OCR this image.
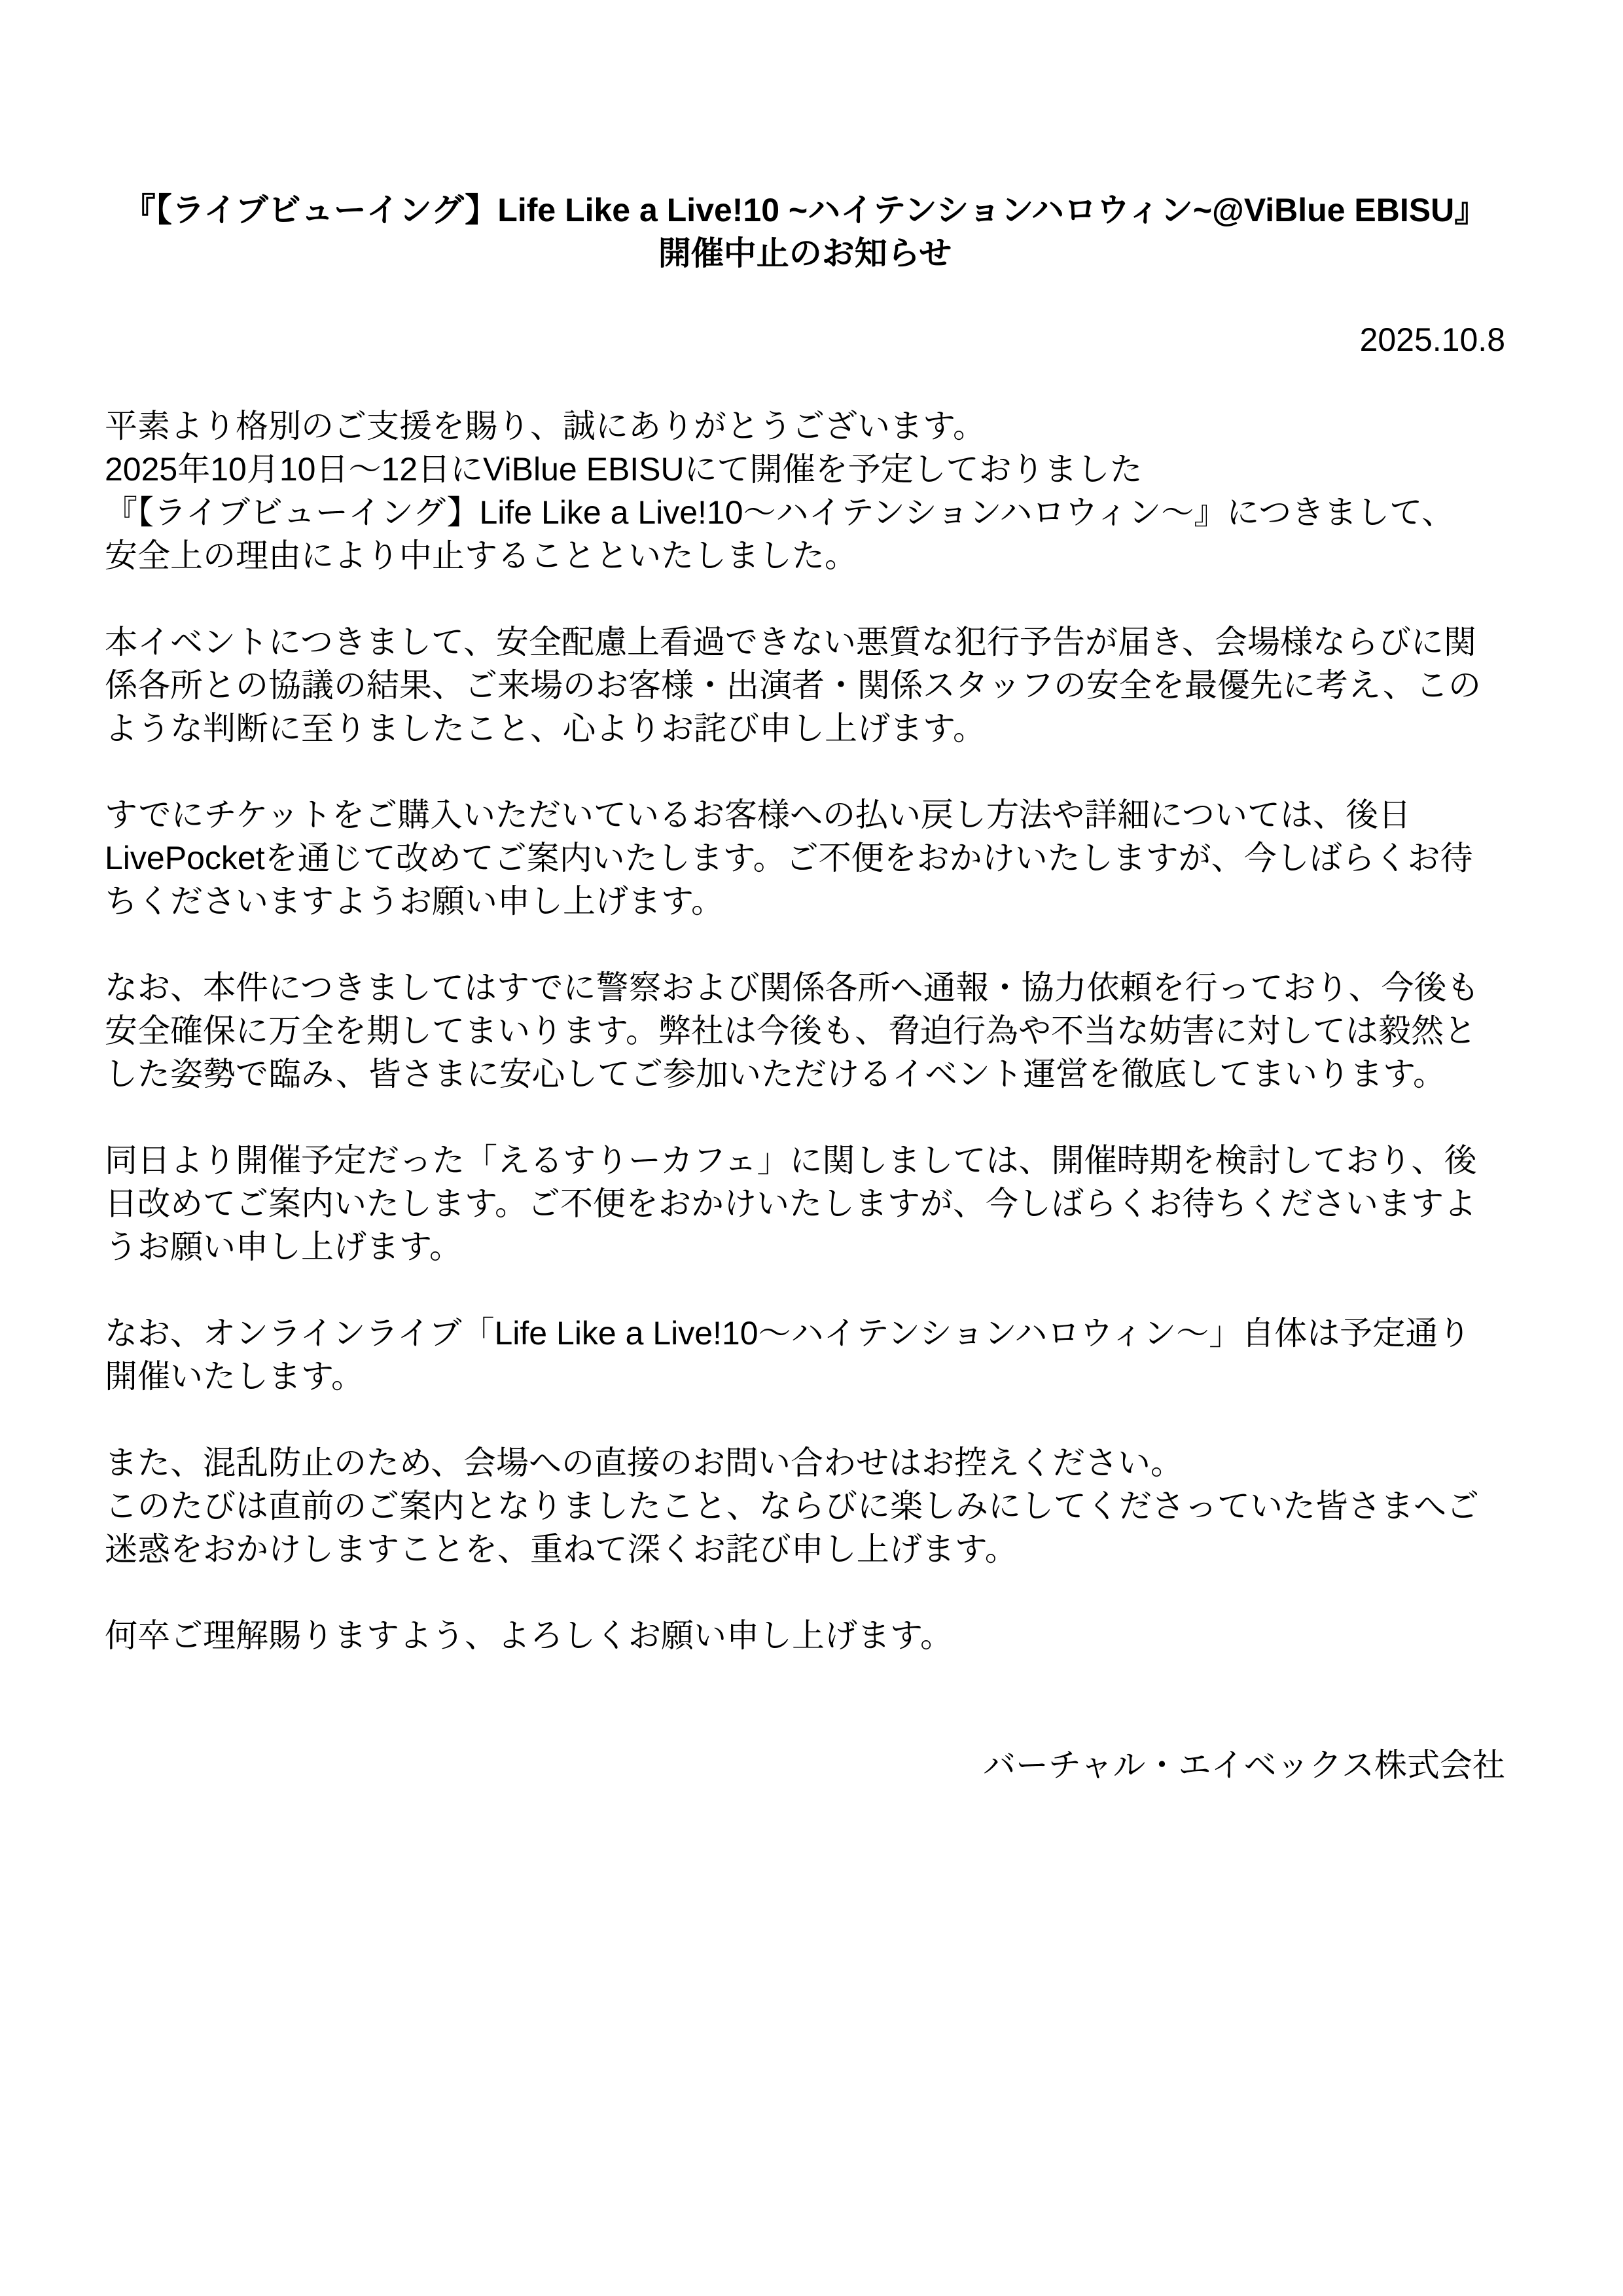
『【ライブビューイング】Life Like a Live!10 ~ハイテンションハロウィン~@ViBlue EBISU』
開催中止のお知らせ
2025.10.8
平素より格別のご支援を賜り、誠にありがとうございます。
2025年10月10日〜12日にViBlue EBISUにて開催を予定しておりました
『【ライブビューイング】Life Like a Live!10〜ハイテンションハロウィン〜』につきまして、
安全上の理由により中止することといたしました。
本イベントにつきまして、安全配慮上看過できない悪質な犯行予告が届き、会場様ならびに関
係各所との協議の結果、ご来場のお客様・出演者・関係スタッフの安全を最優先に考え、この
ような判断に至りましたこと、心よりお詫び申し上げます。
すでにチケットをご購入いただいているお客様への払い戻し方法や詳細については、後日
LivePocketを通じて改めてご案内いたします。ご不便をおかけいたしますが、今しばらくお待
ちくださいますようお願い申し上げます。
なお、本件につきましてはすでに警察および関係各所へ通報・協力依頼を行っており、今後も
安全確保に万全を期してまいります。弊社は今後も、脅迫行為や不当な妨害に対しては毅然と
した姿勢で臨み、皆さまに安心してご参加いただけるイベント運営を徹底してまいります。
同日より開催予定だった「えるすりーカフェ」に関しましては、開催時期を検討しており、後
日改めてご案内いたします。ご不便をおかけいたしますが、今しばらくお待ちくださいますよ
うお願い申し上げます。
なお、オンラインライブ「Life Like a Live!10〜ハイテンションハロウィン〜」自体は予定通り
開催いたします。
また、混乱防止のため、会場への直接のお問い合わせはお控えください。
このたびは直前のご案内となりましたこと、ならびに楽しみにしてくださっていた皆さまへご
迷惑をおかけしますことを、重ねて深くお詫び申し上げます。
何卒ご理解賜りますよう、よろしくお願い申し上げます。
バーチャル・エイベックス株式会社
